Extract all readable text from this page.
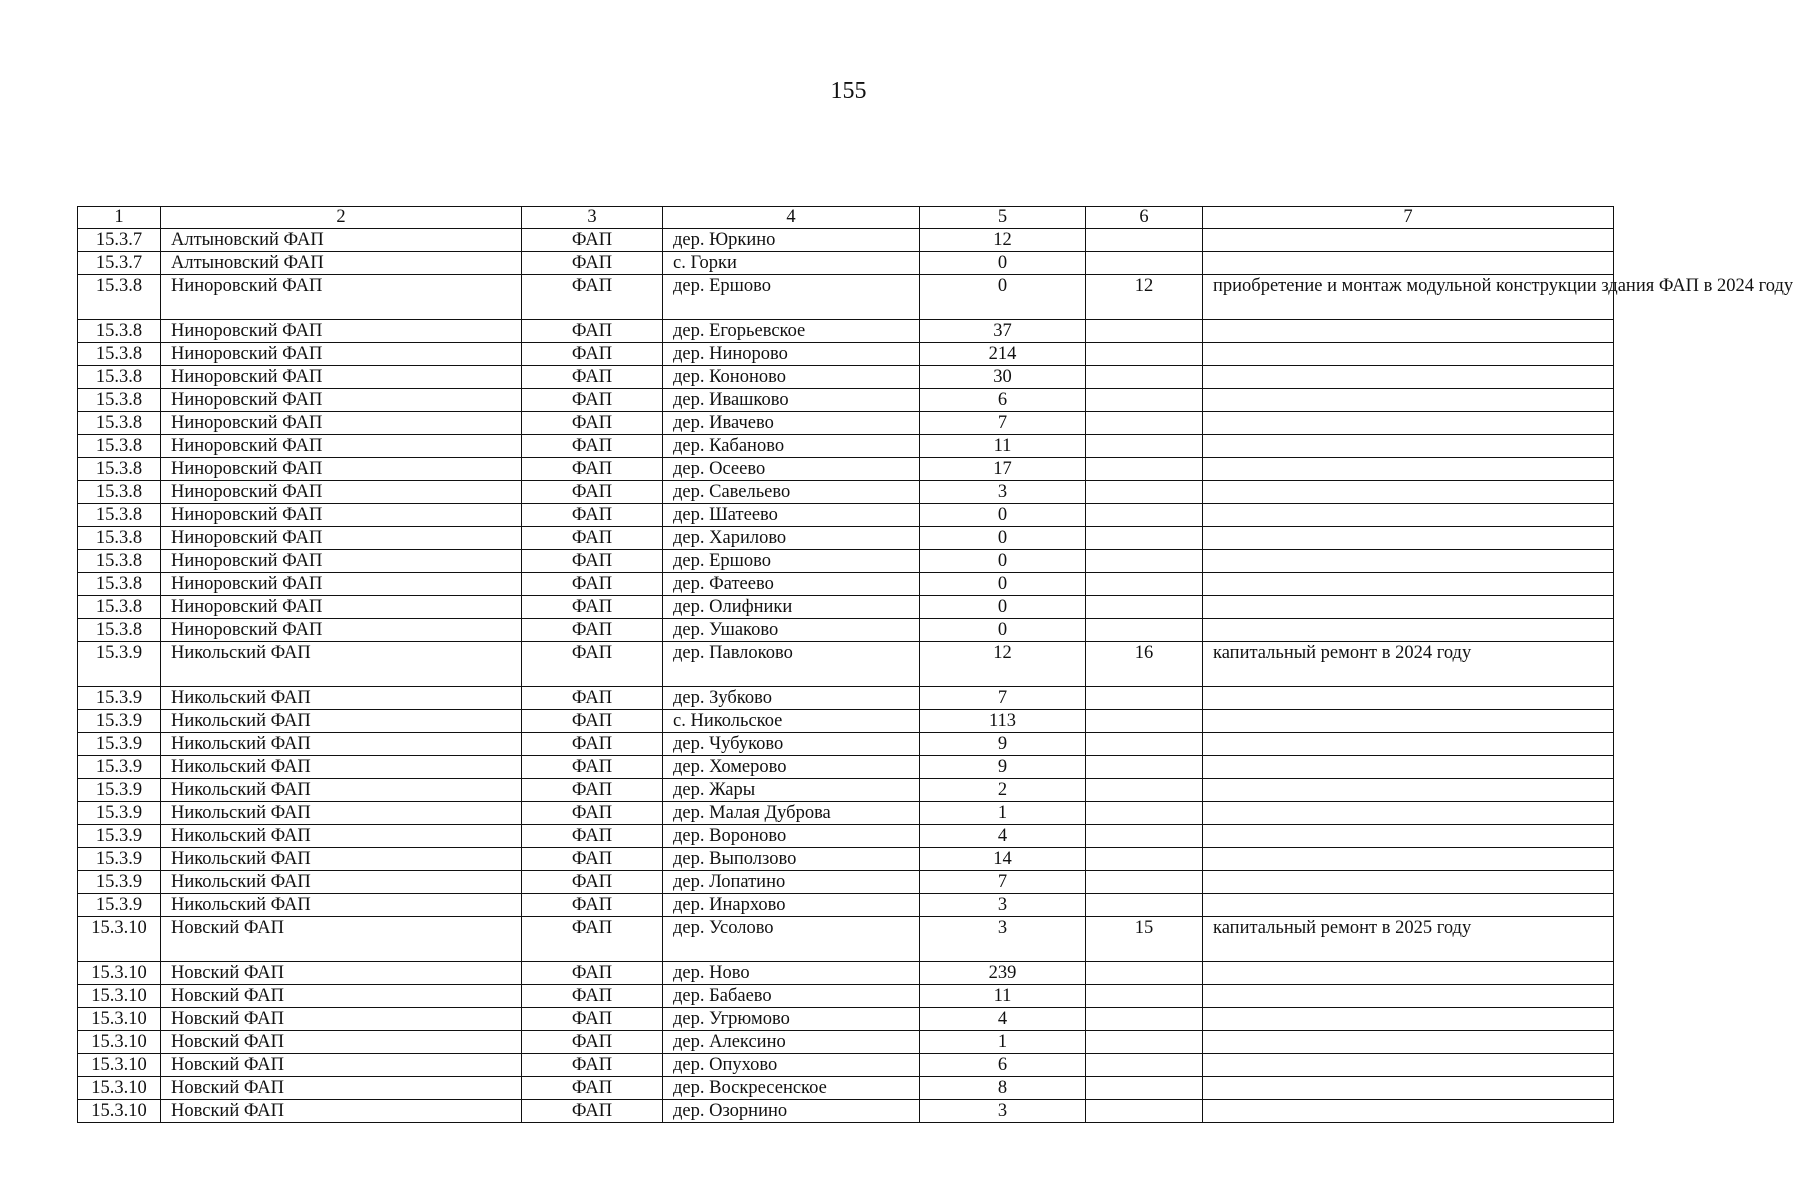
155
1	2	3	4	5	6	7
15.3.7	Алтыновский ФАП	ФАП	дер. Юркино	12		
15.3.7	Алтыновский ФАП	ФАП	с. Горки	0		
15.3.8	Нинорoвский ФАП	ФАП	дер. Ершово	0	12	приобретение и монтаж модульной конструкции здания ФАП в 2024 году
15.3.8	Нинорoвский ФАП	ФАП	дер. Егорьевское	37		
15.3.8	Нинорoвский ФАП	ФАП	дер. Нинорово	214		
15.3.8	Нинорoвский ФАП	ФАП	дер. Кононово	30		
15.3.8	Нинорoвский ФАП	ФАП	дер. Ивашково	6		
15.3.8	Нинорoвский ФАП	ФАП	дер. Ивачево	7		
15.3.8	Нинорoвский ФАП	ФАП	дер. Кабаново	11		
15.3.8	Нинорoвский ФАП	ФАП	дер. Осеево	17		
15.3.8	Нинорoвский ФАП	ФАП	дер. Савельево	3		
15.3.8	Нинорoвский ФАП	ФАП	дер. Шатеево	0		
15.3.8	Нинорoвский ФАП	ФАП	дер. Харилово	0		
15.3.8	Нинорoвский ФАП	ФАП	дер. Ершово	0		
15.3.8	Нинорoвский ФАП	ФАП	дер. Фатеево	0		
15.3.8	Нинорoвский ФАП	ФАП	дер. Олифники	0		
15.3.8	Нинорoвский ФАП	ФАП	дер. Ушаково	0		
15.3.9	Никольский ФАП	ФАП	дер. Павлоково	12	16	капитальный ремонт в 2024 году
15.3.9	Никольский ФАП	ФАП	дер. Зубково	7		
15.3.9	Никольский ФАП	ФАП	с. Никольское	113		
15.3.9	Никольский ФАП	ФАП	дер. Чубуково	9		
15.3.9	Никольский ФАП	ФАП	дер. Хомерово	9		
15.3.9	Никольский ФАП	ФАП	дер. Жары	2		
15.3.9	Никольский ФАП	ФАП	дер. Малая Дуброва	1		
15.3.9	Никольский ФАП	ФАП	дер. Вороново	4		
15.3.9	Никольский ФАП	ФАП	дер. Выползово	14		
15.3.9	Никольский ФАП	ФАП	дер. Лопатино	7		
15.3.9	Никольский ФАП	ФАП	дер. Инархово	3		
15.3.10	Новский ФАП	ФАП	дер. Усолово	3	15	капитальный ремонт в 2025 году
15.3.10	Новский ФАП	ФАП	дер. Ново	239		
15.3.10	Новский ФАП	ФАП	дер. Бабаево	11		
15.3.10	Новский ФАП	ФАП	дер. Угрюмово	4		
15.3.10	Новский ФАП	ФАП	дер. Алексино	1		
15.3.10	Новский ФАП	ФАП	дер. Опухово	6		
15.3.10	Новский ФАП	ФАП	дер. Воскресенское	8		
15.3.10	Новский ФАП	ФАП	дер. Озорнино	3		
